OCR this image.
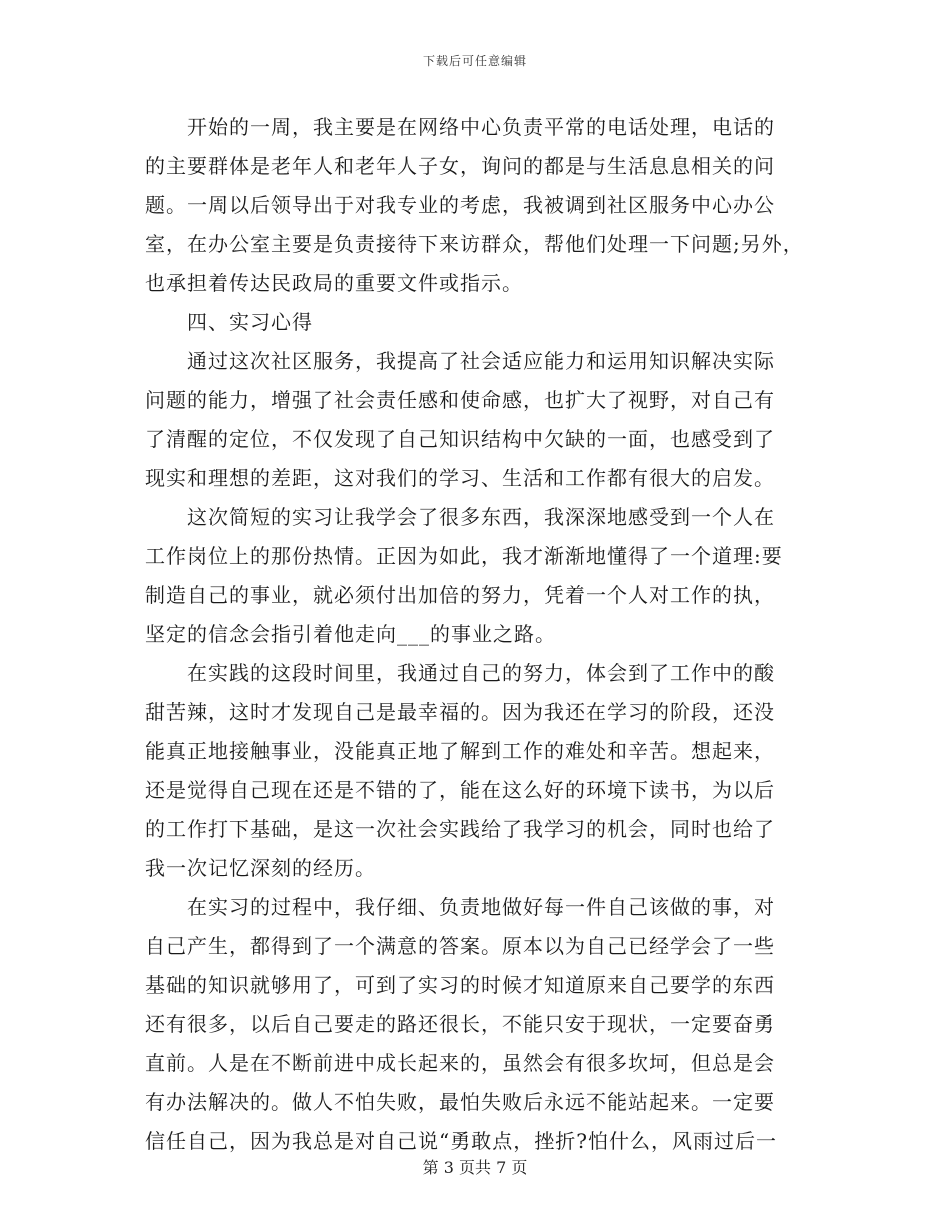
下载后可任意编辑
开始的一周，我主要是在网络中心负责平常的电话处理，电话的
的主要群体是老年人和老年人子女，询问的都是与生活息息相关的问
题。一周以后领导出于对我专业的考虑，我被调到社区服务中心办公
室，在办公室主要是负责接待下来访群众，帮他们处理一下问题;另外，
也承担着传达民政局的重要文件或指示。
四、实习心得
通过这次社区服务，我提高了社会适应能力和运用知识解决实际
问题的能力，增强了社会责任感和使命感，也扩大了视野，对自己有
了清醒的定位，不仅发现了自己知识结构中欠缺的一面，也感受到了
现实和理想的差距，这对我们的学习、生活和工作都有很大的启发。
这次简短的实习让我学会了很多东西，我深深地感受到一个人在
工作岗位上的那份热情。正因为如此，我才渐渐地懂得了一个道理:要
制造自己的事业，就必须付出加倍的努力，凭着一个人对工作的执，
坚定的信念会指引着他走向___的事业之路。
在实践的这段时间里，我通过自己的努力，体会到了工作中的酸
甜苦辣，这时才发现自己是最幸福的。因为我还在学习的阶段，还没
能真正地接触事业，没能真正地了解到工作的难处和辛苦。想起来，
还是觉得自己现在还是不错的了，能在这么好的环境下读书，为以后
的工作打下基础，是这一次社会实践给了我学习的机会，同时也给了
我一次记忆深刻的经历。
在实习的过程中，我仔细、负责地做好每一件自己该做的事，对
自己产生，都得到了一个满意的答案。原本以为自己已经学会了一些
基础的知识就够用了，可到了实习的时候才知道原来自己要学的东西
还有很多，以后自己要走的路还很长，不能只安于现状，一定要奋勇
直前。人是在不断前进中成长起来的，虽然会有很多坎坷，但总是会
有办法解决的。做人不怕失败，最怕失败后永远不能站起来。一定要
信任自己，因为我总是对自己说“勇敢点，挫折?怕什么，风雨过后一
第 3 页共 7 页
